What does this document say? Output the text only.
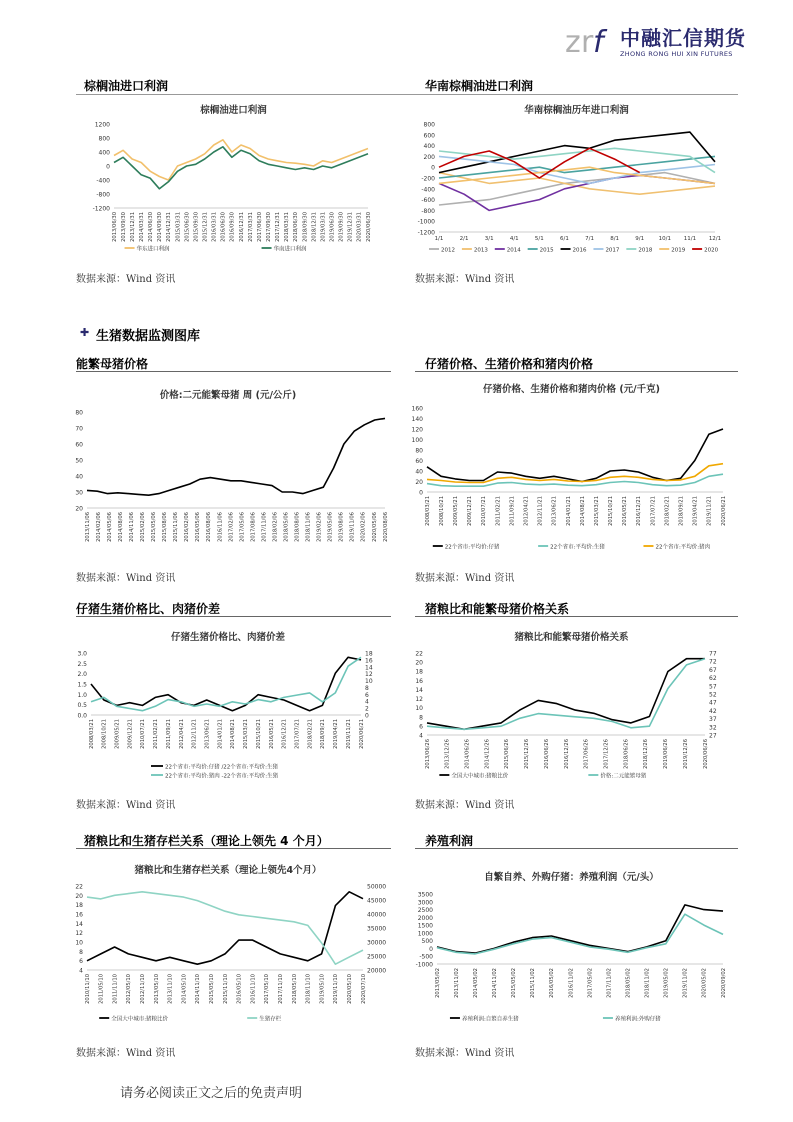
z r f 中融汇信期货
ZHONG RONG HUI XIN FUTURES
棕榈油进口利润	华南棕榈油进口利润
✚ 生猪数据监测图库
能繁母猪价格	仔猪价格、生猪价格和猪肉价格
仔猪生猪价格比、肉猪价差	猪粮比和能繁母猪价格关系
猪粮比和生猪存栏关系（理论上领先 4 个月）	养殖利润
数据来源：Wind 资讯	数据来源：Wind 资讯
数据来源：Wind 资讯	数据来源：Wind 资讯
数据来源：Wind 资讯	数据来源：Wind 资讯
数据来源：Wind 资讯	数据来源：Wind 资讯
棕榈油进口利润
1200
800
400
0
-400
-800
-1200
2013/06/30 2013/09/30 2013/12/31 2014/03/31 2014/06/30 2014/09/30 2014/12/31 2015/03/31 2015/06/30 2015/09/30 2015/12/31 2016/03/31 2016/06/30 2016/09/30 2016/12/31 2017/03/31 2017/06/30 2017/09/30 2017/12/31 2018/03/31 2018/06/30 2018/09/30 2018/12/31 2019/03/31 2019/06/30 2019/09/30 2019/12/31 2020/03/31 2020/06/30
华东进口利润	华南进口利润
华南棕榈油历年进口利润
800
600
400
200
0
-200
-400
-600
-800
-1000
-1200
1/1	2/1	3/1	4/1	5/1	6/1	7/1	8/1	9/1	10/1 11/1 12/1
2012	2013	2014	2015	2016	2017	2018	2019	2020
价格:二元能繁母猪 周 (元/公斤)
80
70
60
50
40
30
20
2013/11/06 2014/02/06 2014/05/06 2014/08/06 2014/11/06 2015/02/06 2015/05/06 2015/08/06 2015/11/06 2016/02/06 2016/05/06 2016/08/06 2016/11/06 2017/02/06 2017/05/06 2017/08/06 2017/11/06 2018/02/06 2018/05/06 2018/08/06 2018/11/06 2019/02/06 2019/05/06 2019/08/06 2019/11/06 2020/02/06 2020/05/06 2020/08/06
仔猪价格、生猪价格和猪肉价格 (元/千克)
160
140
120
100
80
60
40
20
0
2008/03/21 2008/10/21 2009/05/21 2009/12/21 2010/07/21 2011/02/21 2011/09/21 2012/04/21 2012/11/21 2013/06/21 2014/01/21 2014/08/21 2015/03/21 2015/10/21 2016/05/21 2016/12/21 2017/07/21 2018/02/21 2018/09/21 2019/04/21 2019/11/21 2020/06/21
22个省市:平均价:仔猪	22个省市:平均价:生猪	22个省市:平均价:猪肉
仔猪生猪价格比、肉猪价差
3.0
2.5
2.0
1.5
1.0
0.5
0.0
18
16
14
12
10
8
6
4
2
0
2008/03/21 2008/10/21 2009/05/21 2009/12/21 2010/07/21 2011/02/21 2011/09/21 2012/04/21 2012/11/21 2013/06/21 2014/01/21 2014/08/21 2015/03/21 2015/10/21 2016/05/21 2016/12/21 2017/07/21 2018/02/21 2018/09/21 2019/04/21 2019/11/21 2020/06/21
22个省市:平均价:仔猪 /22个省市:平均价:生猪
22个省市:平均价:猪肉 -22个省市:平均价:生猪
猪粮比和能繁母猪价格关系
22
20
18
16
14
12
10
8
6
4
77
72
67
62
57
52
47
42
37
32
27
2013/06/26	2013/12/26	2014/06/26	2014/12/26	2015/06/26	2015/12/26	2016/06/26	2016/12/26	2017/06/26	2017/12/26	2018/06/26	2018/12/26	2019/06/26	2019/12/26	2020/06/26
全国大中城市:猪粮比价	价格:二元能繁母猪
猪粮比和生猪存栏关系（理论上领先4个月）
22
20
18
16
14
12
10
8
6
4
50000
45000
40000
35000
30000
25000
20000
2010/11/10 2011/05/10 2011/11/10 2012/05/10 2012/11/10 2013/05/10 2013/11/10 2014/05/10 2014/11/10 2015/05/10 2015/11/10 2016/05/10 2016/11/10 2017/05/10 2017/11/10 2018/05/10 2018/11/10 2019/05/10 2019/11/10 2020/05/10 2020/07/10
全国大中城市:猪粮比价	生猪存栏
自繁自养、外购仔猪：养殖利润（元/头）
3500
3000
2500
2000
1500
1000
500
0
-500
-1000
2013/05/02	2013/11/02	2014/05/02	2014/11/02	2015/05/02	2015/11/02	2016/05/02	2016/11/02	2017/05/02	2017/11/02	2018/05/02	2018/11/02	2019/05/02	2019/11/02	2020/05/02	2020/09/02
养殖利润:自繁自养生猪	养殖利润:外购仔猪
请务必阅读正文之后的免责声明
